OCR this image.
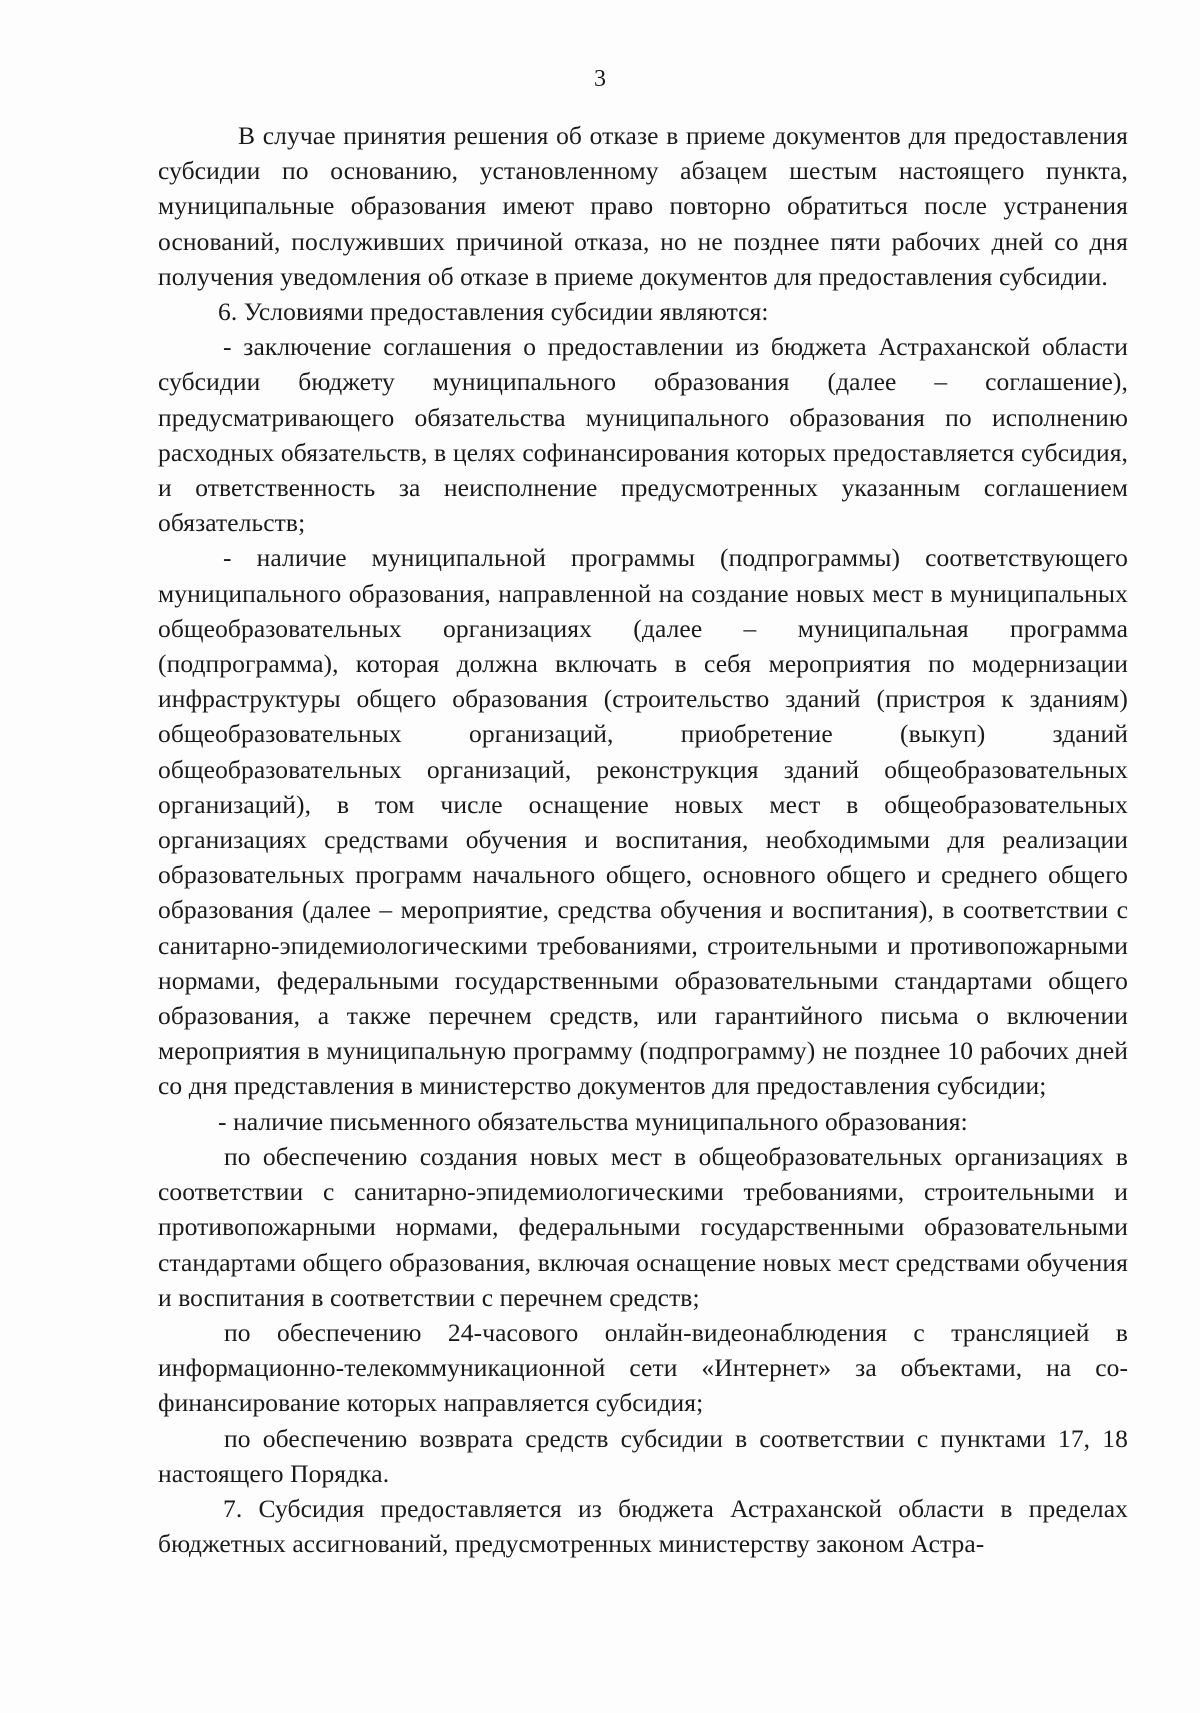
3

В случае принятия решения об отказе в приеме документов для предоставления субсидии по основанию, установленному абзацем шестым настоящего пункта, муниципальные образования имеют право повторно обратиться после устранения оснований, послуживших причиной отказа, но не позднее пяти рабочих дней со дня получения уведомления об отказе в приеме документов для предоставления субсидии.

6. Условиями предоставления субсидии являются:

- заключение соглашения о предоставлении из бюджета Астраханской области субсидии бюджету муниципального образования (далее – соглашение), предусматривающего обязательства муниципального образования по исполнению расходных обязательств, в целях софинансирования которых предоставляется субсидия, и ответственность за неисполнение предусмотренных указанным соглашением обязательств;

- наличие муниципальной программы (подпрограммы) соответствующего муниципального образования, направленной на создание новых мест в муниципальных общеобразовательных организациях (далее – муниципальная программа (подпрограмма), которая должна включать в себя мероприятия по модернизации инфраструктуры общего образования (строительство зданий (пристроя к зданиям) общеобразовательных организаций, приобретение (выкуп) зданий общеобразовательных организаций, реконструкция зданий общеобразовательных организаций), в том числе оснащение новых мест в общеобразовательных организациях средствами обучения и воспитания, необходимыми для реализации образовательных программ начального общего, основного общего и среднего общего образования (далее – мероприятие, средства обучения и воспитания), в соответствии с санитарно-эпидемиологическими требованиями, строительными и противопожарными нормами, федеральными государственными образовательными стандартами общего образования, а также перечнем средств, или гарантийного письма о включении мероприятия в муниципальную программу (подпрограмму) не позднее 10 рабочих дней со дня представления в министерство документов для предоставления субсидии;

- наличие письменного обязательства муниципального образования:

по обеспечению создания новых мест в общеобразовательных организациях в соответствии с санитарно-эпидемиологическими требованиями, строительными и противопожарными нормами, федеральными государственными образовательными стандартами общего образования, включая оснащение новых мест средствами обучения и воспитания в соответствии с перечнем средств;

по обеспечению 24-часового онлайн-видеонаблюдения с трансляцией в информационно-телекоммуникационной сети «Интернет» за объектами, на софинансирование которых направляется субсидия;

по обеспечению возврата средств субсидии в соответствии с пунктами 17, 18 настоящего Порядка.

7. Субсидия предоставляется из бюджета Астраханской области в пределах бюджетных ассигнований, предусмотренных министерству законом Астра-
